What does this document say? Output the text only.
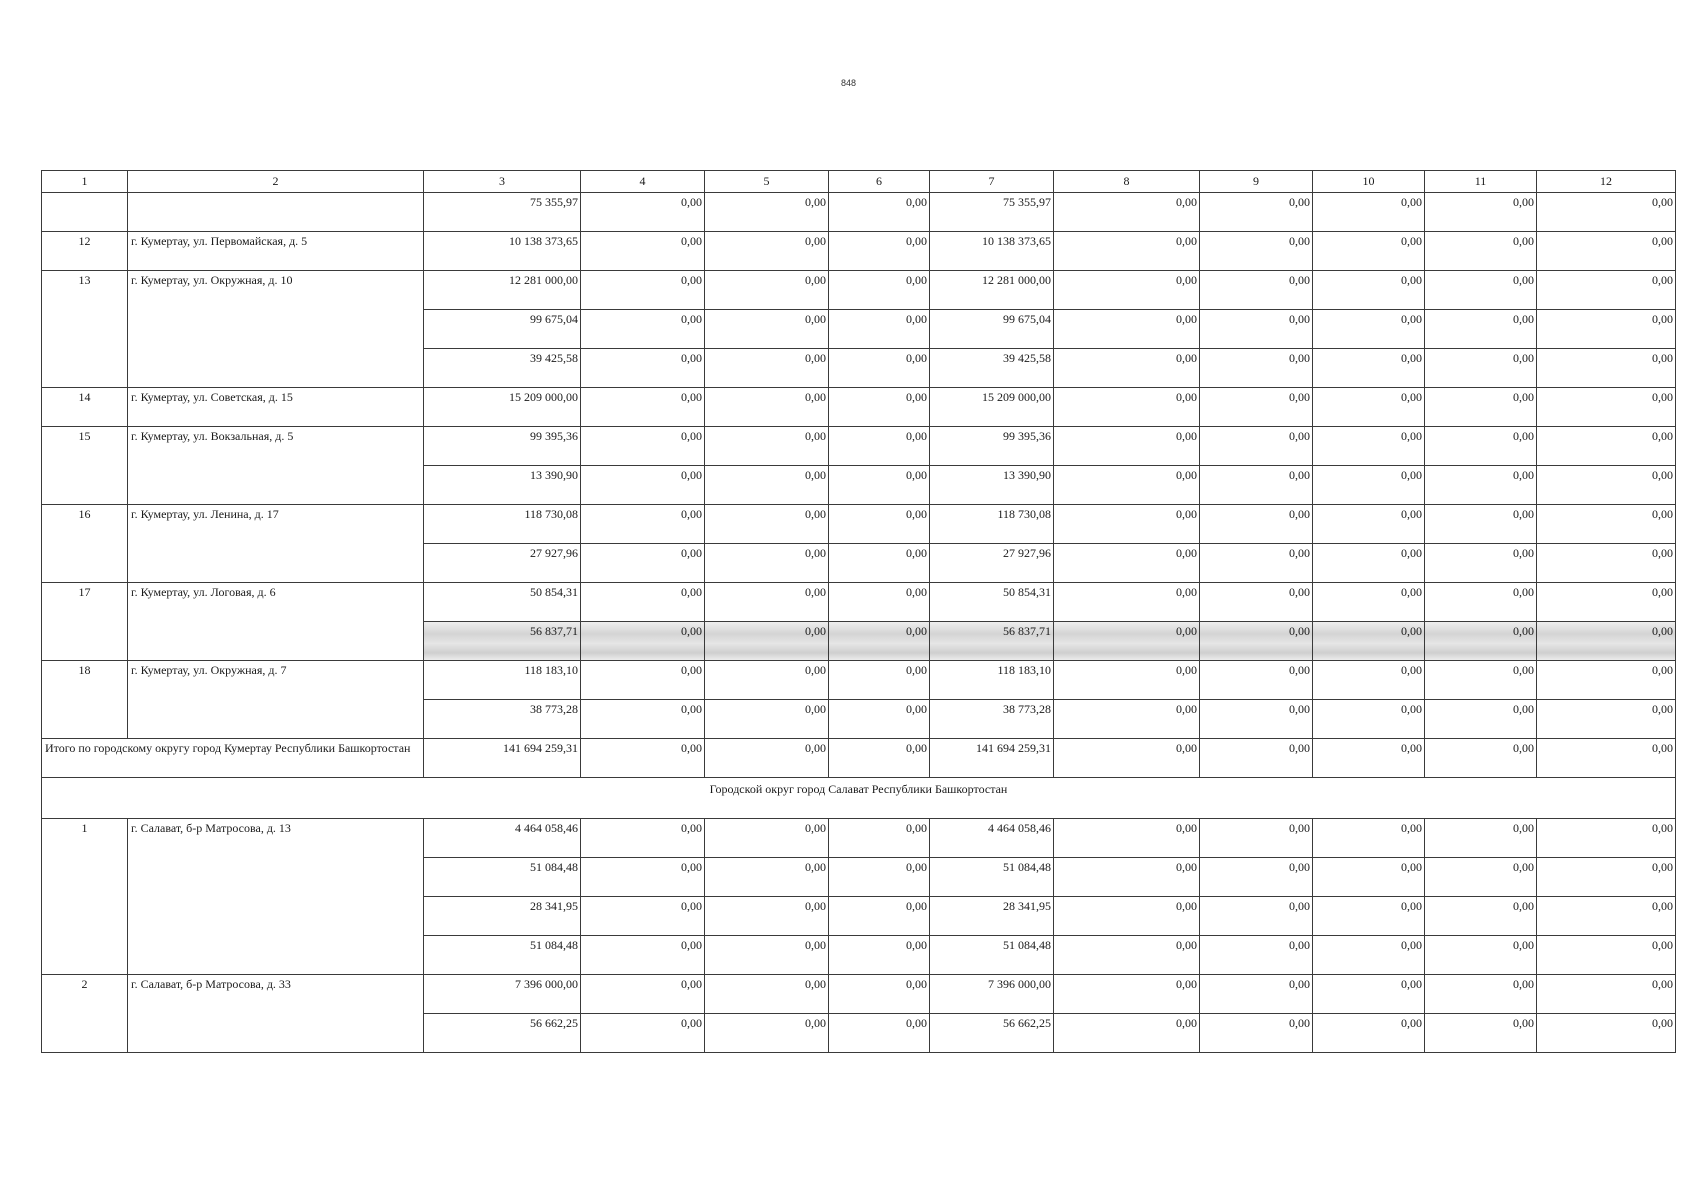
848
1	2	3	4	5	6	7	8	9	10	11	12
		75 355,97	0,00	0,00	0,00	75 355,97	0,00	0,00	0,00	0,00	0,00
12	г. Кумертау, ул. Первомайская, д. 5	10 138 373,65	0,00	0,00	0,00	10 138 373,65	0,00	0,00	0,00	0,00	0,00
13	г. Кумертау, ул. Окружная, д. 10	12 281 000,00	0,00	0,00	0,00	12 281 000,00	0,00	0,00	0,00	0,00	0,00
		99 675,04	0,00	0,00	0,00	99 675,04	0,00	0,00	0,00	0,00	0,00
		39 425,58	0,00	0,00	0,00	39 425,58	0,00	0,00	0,00	0,00	0,00
14	г. Кумертау, ул. Советская, д. 15	15 209 000,00	0,00	0,00	0,00	15 209 000,00	0,00	0,00	0,00	0,00	0,00
15	г. Кумертау, ул. Вокзальная, д. 5	99 395,36	0,00	0,00	0,00	99 395,36	0,00	0,00	0,00	0,00	0,00
		13 390,90	0,00	0,00	0,00	13 390,90	0,00	0,00	0,00	0,00	0,00
16	г. Кумертау, ул. Ленина, д. 17	118 730,08	0,00	0,00	0,00	118 730,08	0,00	0,00	0,00	0,00	0,00
		27 927,96	0,00	0,00	0,00	27 927,96	0,00	0,00	0,00	0,00	0,00
17	г. Кумертау, ул. Логовая, д. 6	50 854,31	0,00	0,00	0,00	50 854,31	0,00	0,00	0,00	0,00	0,00
		56 837,71	0,00	0,00	0,00	56 837,71	0,00	0,00	0,00	0,00	0,00
18	г. Кумертау, ул. Окружная, д. 7	118 183,10	0,00	0,00	0,00	118 183,10	0,00	0,00	0,00	0,00	0,00
		38 773,28	0,00	0,00	0,00	38 773,28	0,00	0,00	0,00	0,00	0,00
Итого по городскому округу город Кумертау Республики Башкортостан		141 694 259,31	0,00	0,00	0,00	141 694 259,31	0,00	0,00	0,00	0,00	0,00
Городской округ город Салават Республики Башкортостан											
1	г. Салават, б-р Матросова, д. 13	4 464 058,46	0,00	0,00	0,00	4 464 058,46	0,00	0,00	0,00	0,00	0,00
		51 084,48	0,00	0,00	0,00	51 084,48	0,00	0,00	0,00	0,00	0,00
		28 341,95	0,00	0,00	0,00	28 341,95	0,00	0,00	0,00	0,00	0,00
		51 084,48	0,00	0,00	0,00	51 084,48	0,00	0,00	0,00	0,00	0,00
2	г. Салават, б-р Матросова, д. 33	7 396 000,00	0,00	0,00	0,00	7 396 000,00	0,00	0,00	0,00	0,00	0,00
		56 662,25	0,00	0,00	0,00	56 662,25	0,00	0,00	0,00	0,00	0,00
